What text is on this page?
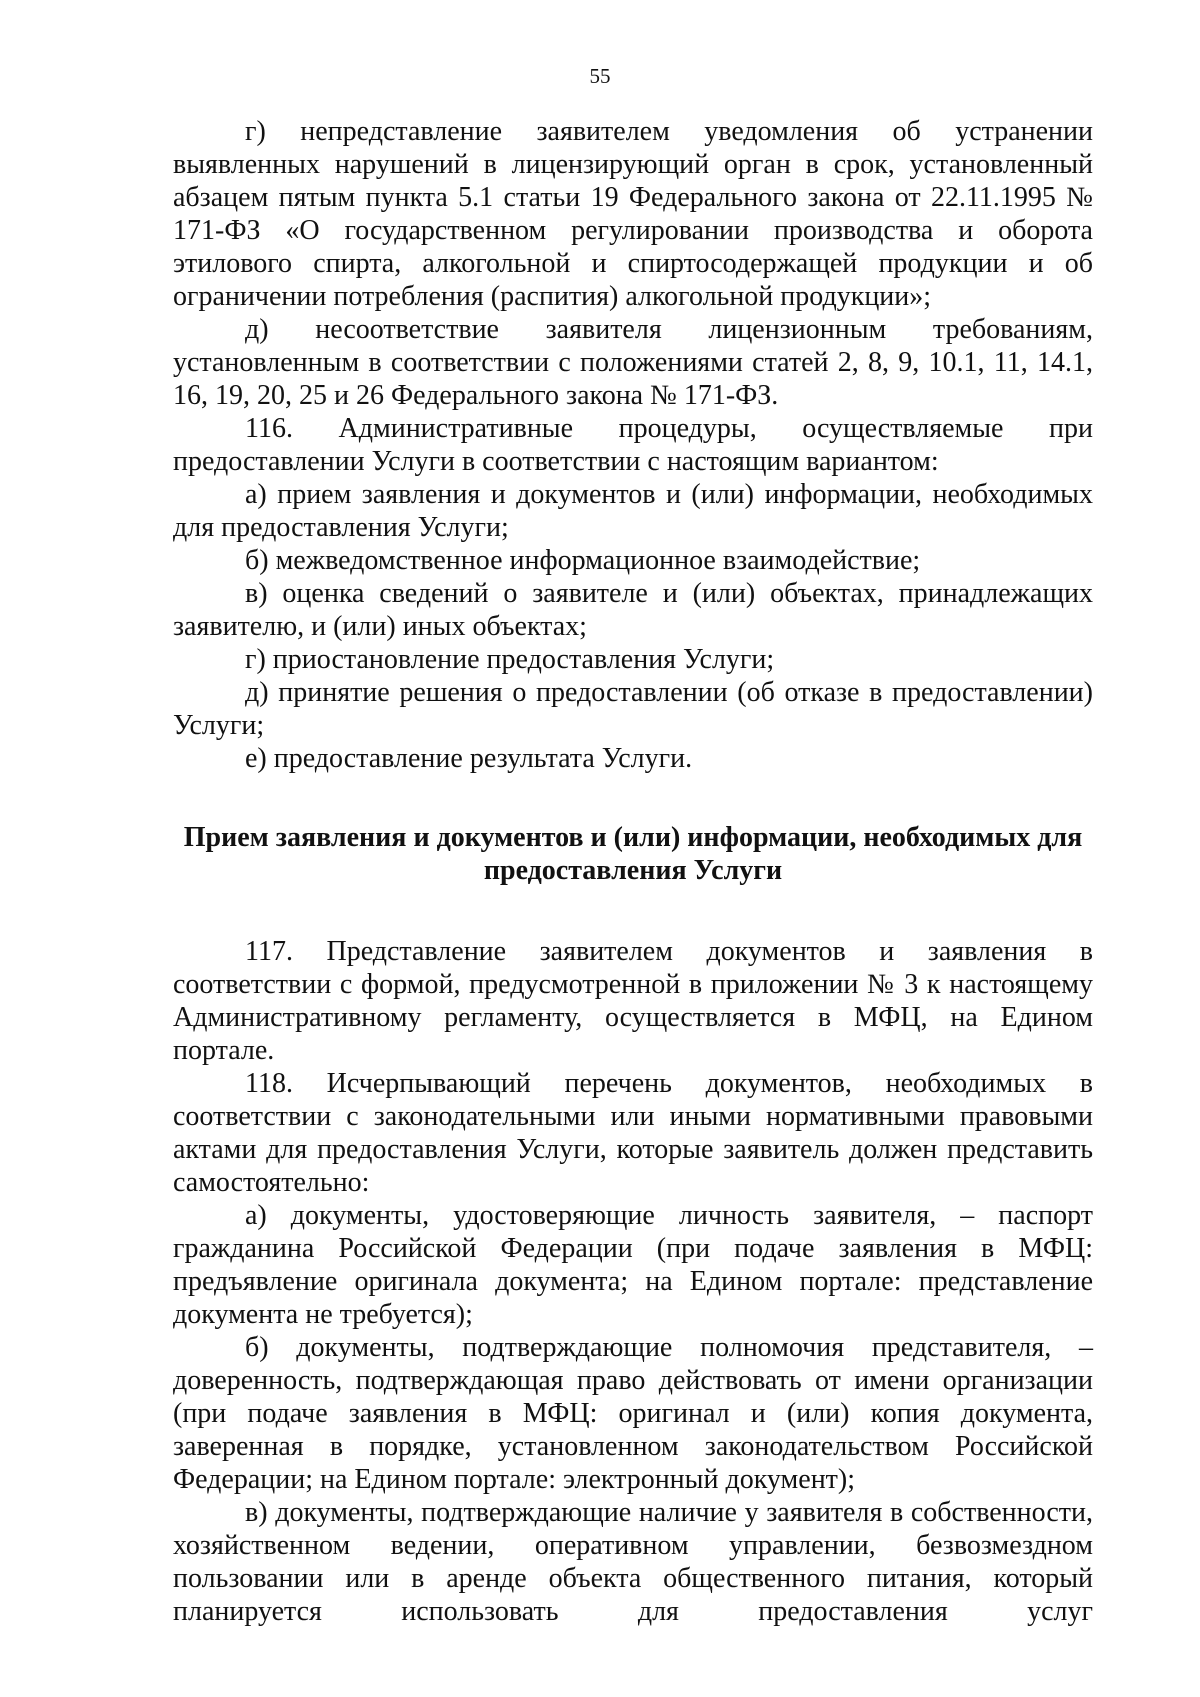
55

г) непредставление заявителем уведомления об устранении выявленных нарушений в лицензирующий орган в срок, установленный абзацем пятым пункта 5.1 статьи 19 Федерального закона от 22.11.1995 № 171-ФЗ «О государственном регулировании производства и оборота этилового спирта, алкогольной и спиртосодержащей продукции и об ограничении потребления (распития) алкогольной продукции»;

д) несоответствие заявителя лицензионным требованиям, установленным в соответствии с положениями статей 2, 8, 9, 10.1, 11, 14.1, 16, 19, 20, 25 и 26 Федерального закона № 171-ФЗ.

116. Административные процедуры, осуществляемые при предоставлении Услуги в соответствии с настоящим вариантом:

а) прием заявления и документов и (или) информации, необходимых для предоставления Услуги;

б) межведомственное информационное взаимодействие;

в) оценка сведений о заявителе и (или) объектах, принадлежащих заявителю, и (или) иных объектах;

г) приостановление предоставления Услуги;

д) принятие решения о предоставлении (об отказе в предоставлении) Услуги;

е) предоставление результата Услуги.

Прием заявления и документов и (или) информации, необходимых для предоставления Услуги

117. Представление заявителем документов и заявления в соответствии с формой, предусмотренной в приложении № 3 к настоящему Административному регламенту, осуществляется в МФЦ, на Едином портале.

118. Исчерпывающий перечень документов, необходимых в соответствии с законодательными или иными нормативными правовыми актами для предоставления Услуги, которые заявитель должен представить самостоятельно:

а) документы, удостоверяющие личность заявителя, – паспорт гражданина Российской Федерации (при подаче заявления в МФЦ: предъявление оригинала документа; на Едином портале: представление документа не требуется);

б) документы, подтверждающие полномочия представителя, – доверенность, подтверждающая право действовать от имени организации (при подаче заявления в МФЦ: оригинал и (или) копия документа, заверенная в порядке, установленном законодательством Российской Федерации; на Едином портале: электронный документ);

в) документы, подтверждающие наличие у заявителя в собственности, хозяйственном ведении, оперативном управлении, безвозмездном пользовании или в аренде объекта общественного питания, который планируется использовать для предоставления услуг
